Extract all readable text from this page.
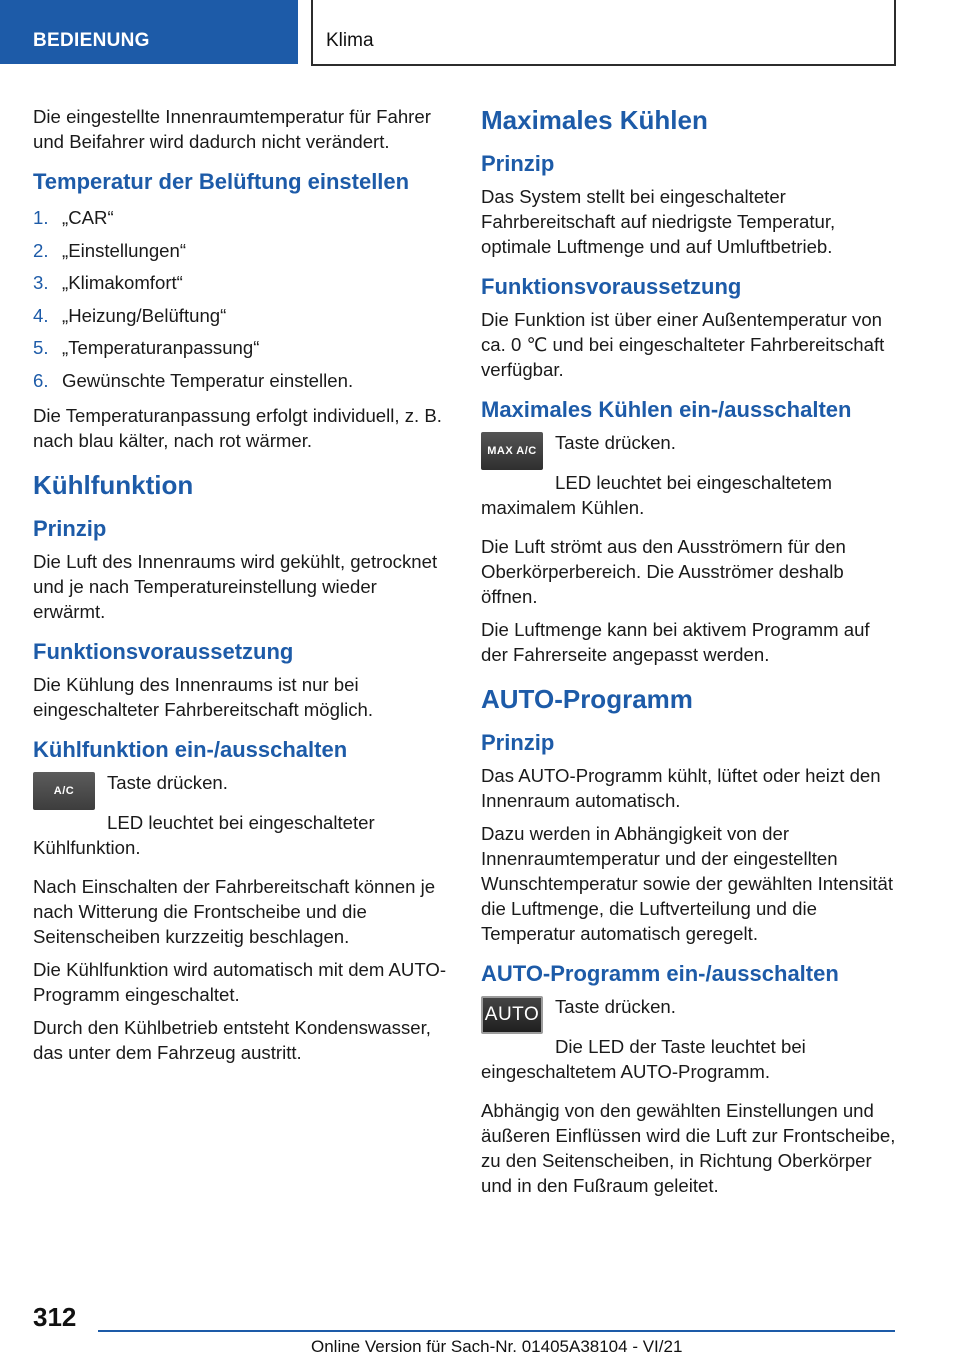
BEDIENUNG	Klima

Die eingestellte Innenraumtemperatur für Fahrer und Beifahrer wird dadurch nicht verändert.

Temperatur der Belüftung einstellen
1. „CAR“
2. „Einstellungen“
3. „Klimakomfort“
4. „Heizung/Belüftung“
5. „Temperaturanpassung“
6. Gewünschte Temperatur einstellen.

Die Temperaturanpassung erfolgt individuell, z. B. nach blau kälter, nach rot wärmer.

Kühlfunktion
Prinzip

Die Luft des Innenraums wird gekühlt, getrocknet und je nach Temperatureinstellung wieder erwärmt.

Funktionsvoraussetzung

Die Kühlung des Innenraums ist nur bei eingeschalteter Fahrbereitschaft möglich.

Kühlfunktion ein-/ausschalten
A/C	Taste drücken.

LED leuchtet bei eingeschalteter Kühlfunktion.

Nach Einschalten der Fahrbereitschaft können je nach Witterung die Frontscheibe und die Seitenscheiben kurzzeitig beschlagen.

Die Kühlfunktion wird automatisch mit dem AUTO-Programm eingeschaltet.

Durch den Kühlbetrieb entsteht Kondenswasser, das unter dem Fahrzeug austritt.

Maximales Kühlen
Prinzip

Das System stellt bei eingeschalteter Fahrbereitschaft auf niedrigste Temperatur, optimale Luftmenge und auf Umluftbetrieb.

Funktionsvoraussetzung

Die Funktion ist über einer Außentemperatur von ca. 0 ℃ und bei eingeschalteter Fahrbereitschaft verfügbar.

Maximales Kühlen ein-/ausschalten
MAX A/C Taste drücken.

LED leuchtet bei eingeschaltetem maximalem Kühlen.

Die Luft strömt aus den Ausströmern für den Oberkörperbereich. Die Ausströmer deshalb öffnen.

Die Luftmenge kann bei aktivem Programm auf der Fahrerseite angepasst werden.

AUTO-Programm
Prinzip

Das AUTO-Programm kühlt, lüftet oder heizt den Innenraum automatisch.

Dazu werden in Abhängigkeit von der Innenraumtemperatur und der eingestellten Wunschtemperatur sowie der gewählten Intensität die Luftmenge, die Luftverteilung und die Temperatur automatisch geregelt.

AUTO-Programm ein-/ausschalten
AUTO Taste drücken.

Die LED der Taste leuchtet bei eingeschaltetem AUTO-Programm.

Abhängig von den gewählten Einstellungen und äußeren Einflüssen wird die Luft zur Frontscheibe, zu den Seitenscheiben, in Richtung Oberkörper und in den Fußraum geleitet.

312
Online Version für Sach-Nr. 01405A38104 - VI/21
